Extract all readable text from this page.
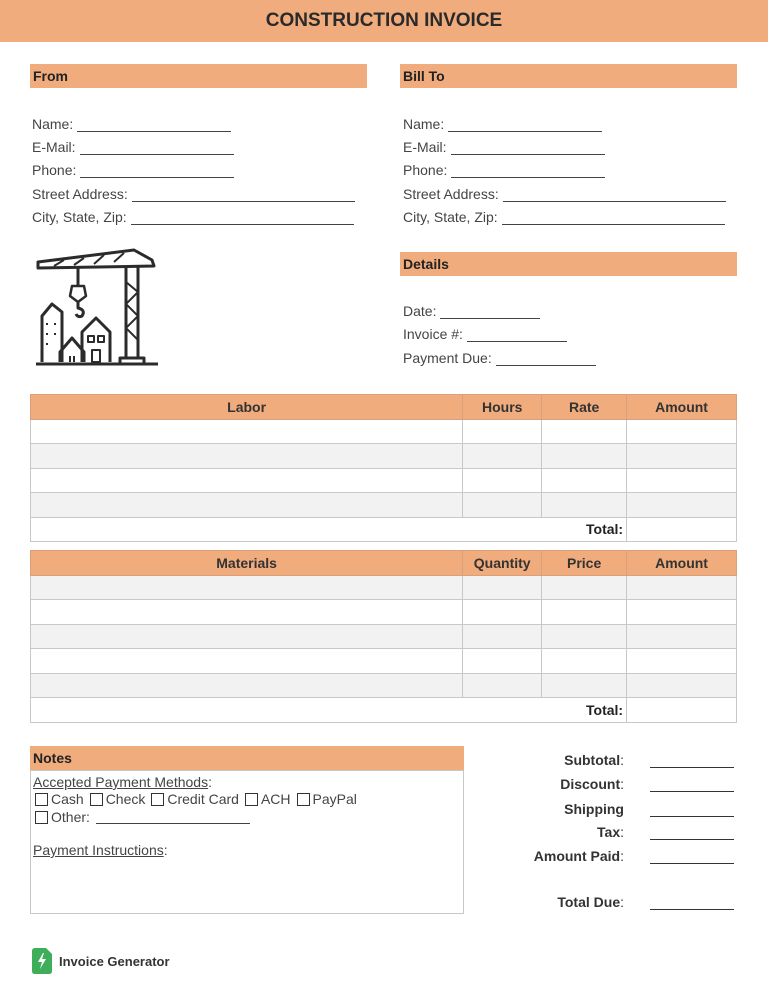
CONSTRUCTION INVOICE
From
Name:
E-Mail:
Phone:
Street Address:
City, State, Zip:
Bill To
Name:
E-Mail:
Phone:
Street Address:
City, State, Zip:
Details
Date:
Invoice #:
Payment Due:
Labor	Hours	Rate	Amount

Total:			
Materials	Quantity	Price	Amount

Total:			
Notes
Accepted Payment Methods :
Cash Check Credit Card ACH PayPal
Other:
Payment Instructions :
Subtotal:
Discount:
Shipping
Tax:
Amount Paid:
Total Due:
Invoice Generator
